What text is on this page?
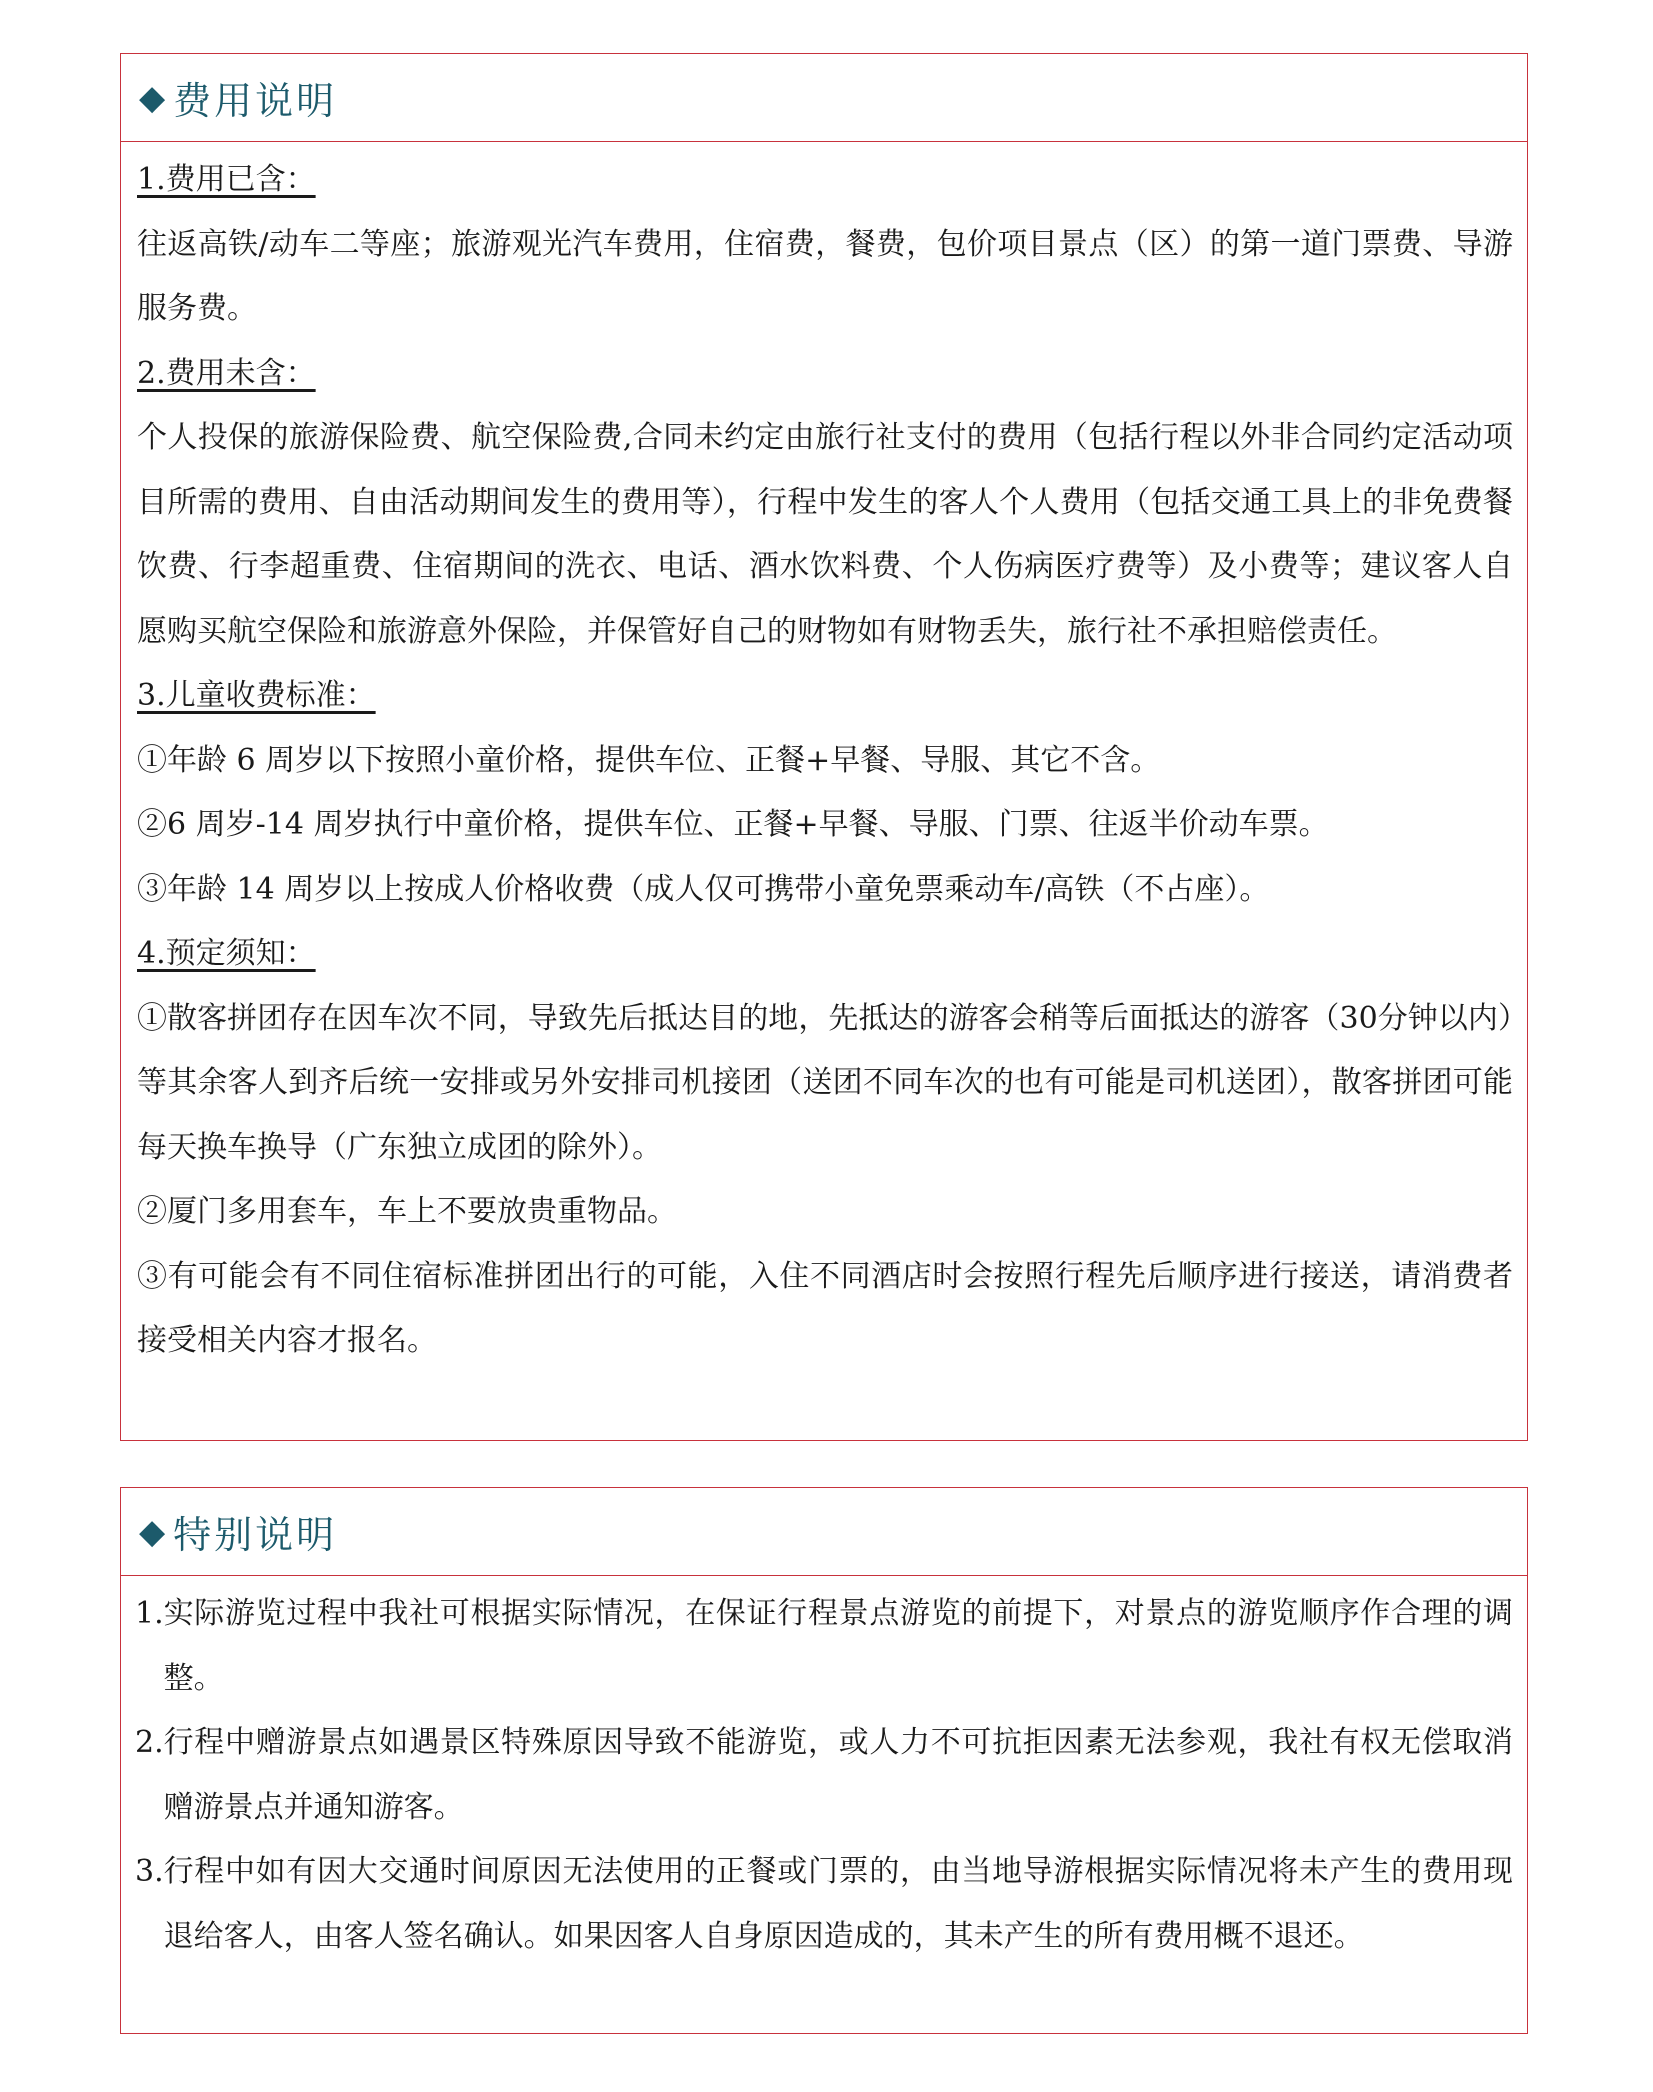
◆ 费用说明

1.费用已含：

往返高铁/动车二等座；旅游观光汽车费用，住宿费，餐费，包价项目景点（区）的第一道门票费、导游服务费。

2.费用未含：

个人投保的旅游保险费、航空保险费,合同未约定由旅行社支付的费用（包括行程以外非合同约定活动项目所需的费用、自由活动期间发生的费用等），行程中发生的客人个人费用（包括交通工具上的非免费餐饮费、行李超重费、住宿期间的洗衣、电话、酒水饮料费、个人伤病医疗费等）及小费等；建议客人自愿购买航空保险和旅游意外保险，并保管好自己的财物如有财物丢失，旅行社不承担赔偿责任。

3.儿童收费标准：

①年龄 6 周岁以下按照小童价格，提供车位、正餐+早餐、导服、其它不含。

②6 周岁-14 周岁执行中童价格，提供车位、正餐+早餐、导服、门票、往返半价动车票。

③年龄 14 周岁以上按成人价格收费（成人仅可携带小童免票乘动车/高铁（不占座）。

4.预定须知：

①散客拼团存在因车次不同，导致先后抵达目的地，先抵达的游客会稍等后面抵达的游客（30分钟以内）等其余客人到齐后统一安排或另外安排司机接团（送团不同车次的也有可能是司机送团），散客拼团可能每天换车换导（广东独立成团的除外）。

②厦门多用套车，车上不要放贵重物品。

③有可能会有不同住宿标准拼团出行的可能，入住不同酒店时会按照行程先后顺序进行接送，请消费者接受相关内容才报名。

◆ 特别说明
1. 实际游览过程中我社可根据实际情况，在保证行程景点游览的前提下，对景点的游览顺序作合理的调整。
2. 行程中赠游景点如遇景区特殊原因导致不能游览，或人力不可抗拒因素无法参观，我社有权无偿取消赠游景点并通知游客。
3. 行程中如有因大交通时间原因无法使用的正餐或门票的，由当地导游根据实际情况将未产生的费用现退给客人，由客人签名确认。如果因客人自身原因造成的，其未产生的所有费用概不退还。
